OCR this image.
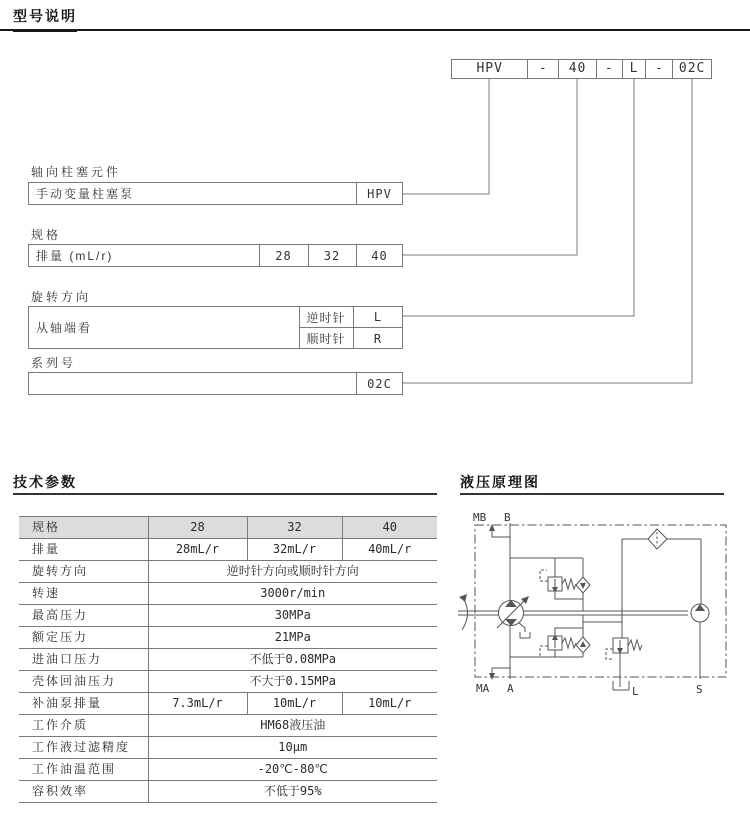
型号说明
HPV	-	40	-	L	-	02C
轴向柱塞元件
手动变量柱塞泵	HPV
规格
排量 (mL/r)	28	32	40
旋转方向
从轴端看
逆时针	L
顺时针	R
系列号
02C
技术参数
规格	28	32	40
排量	28mL/r	32mL/r	40mL/r
旋转方向	逆时针方向或顺时针方向		
转速	3000r/min		
最高压力	30MPa		
额定压力	21MPa		
进油口压力	不低于0.08MPa		
壳体回油压力	不大于0.15MPa		
补油泵排量	7.3mL/r	10mL/r	10mL/r
工作介质	HM68液压油		
工作液过滤精度	10μm		
工作油温范围	-20℃-80℃		
容积效率	不低于95%		
液压原理图
MB B
MA A	L	S
